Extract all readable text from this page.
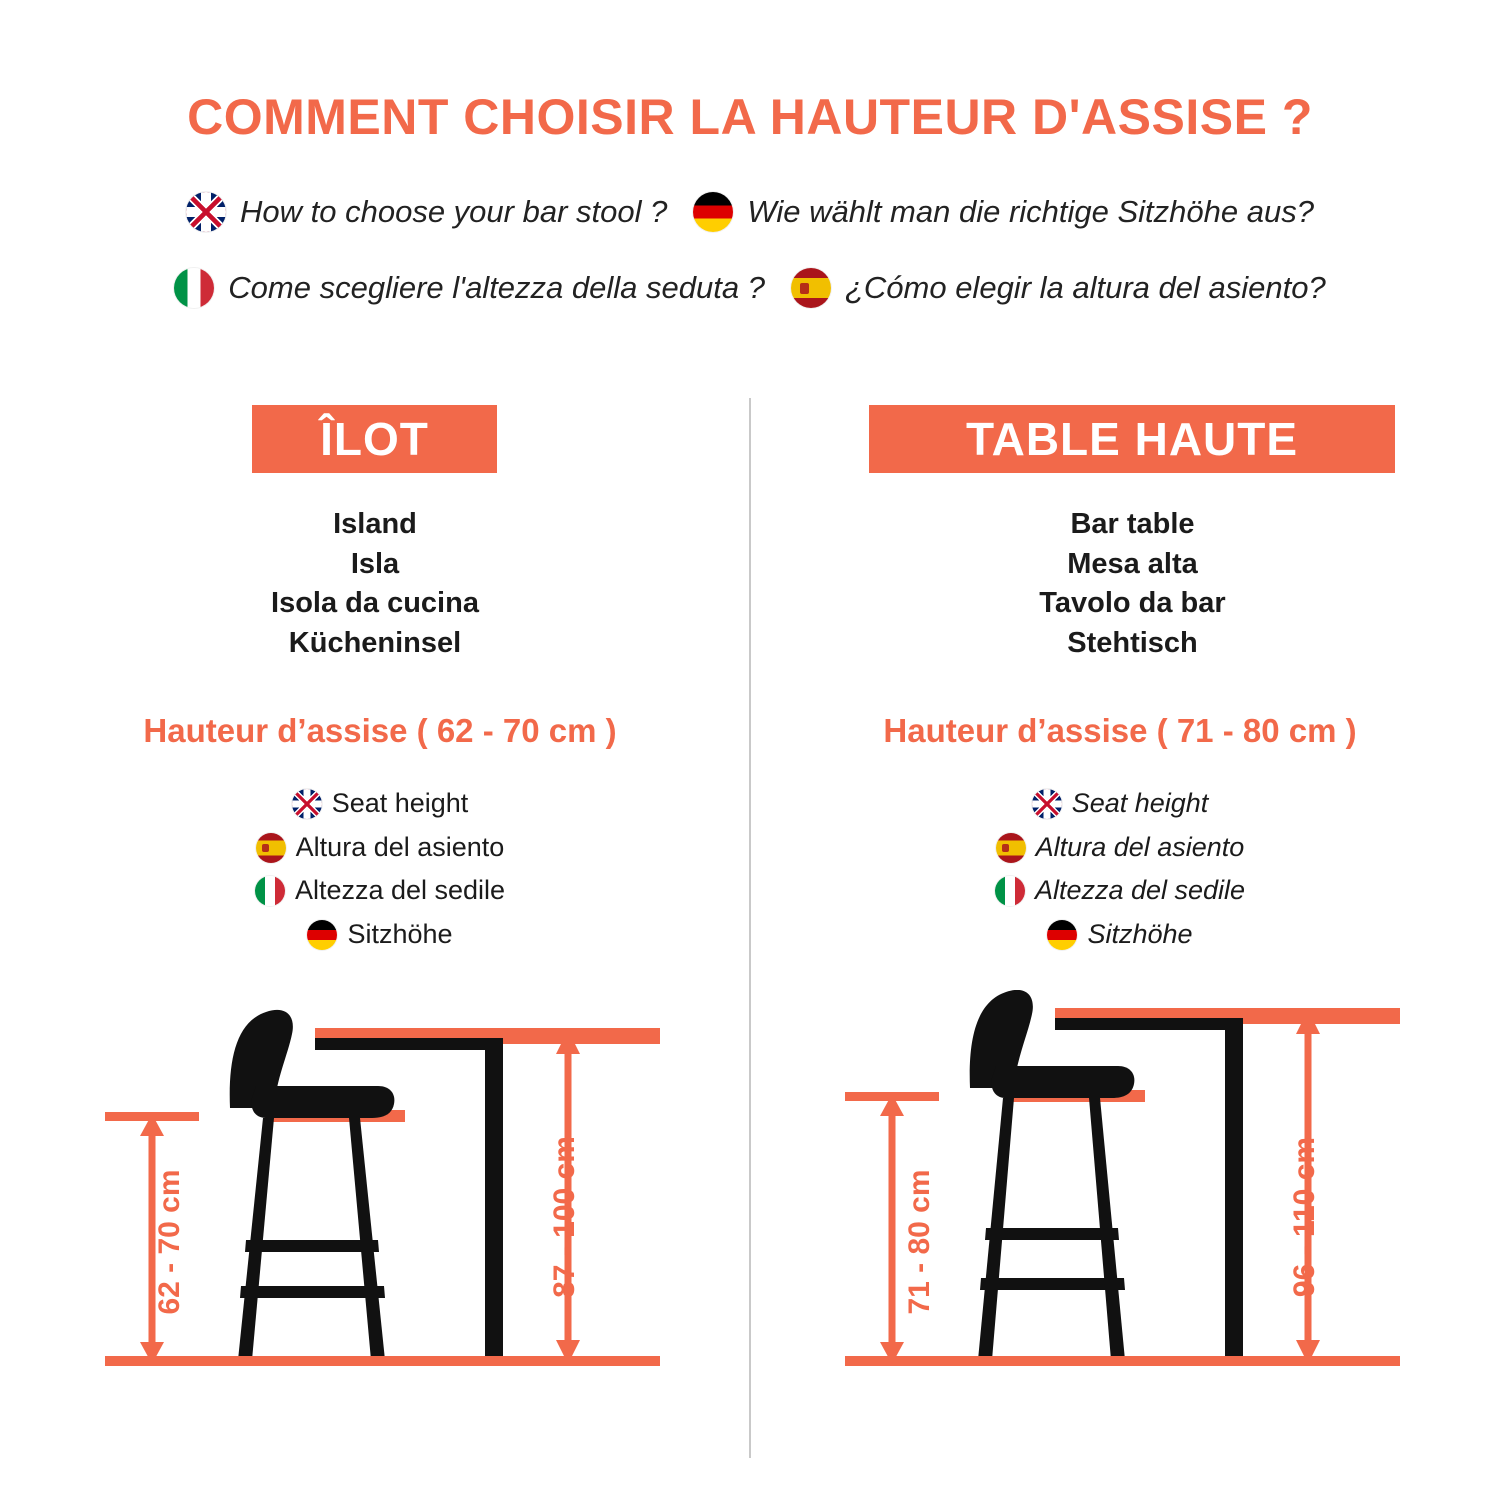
COMMENT CHOISIR LA HAUTEUR D'ASSISE ?
How to choose your bar stool ?	Wie wählt man die richtige Sitzhöhe aus?
Come scegliere l'altezza della seduta ?	¿Cómo elegir la altura del asiento?
ÎLOT
Island
Isla
Isola da cucina
Kücheninsel
Hauteur d’assise ( 62 - 70 cm )
Seat height
Altura del asiento
Altezza del sedile
Sitzhöhe
62 - 70 cm	87 - 100 cm
TABLE HAUTE
Bar table
Mesa alta
Tavolo da bar
Stehtisch
Hauteur d’assise ( 71 - 80 cm )
Seat height
Altura del asiento
Altezza del sedile
Sitzhöhe
71 - 80 cm	96 - 110 cm
